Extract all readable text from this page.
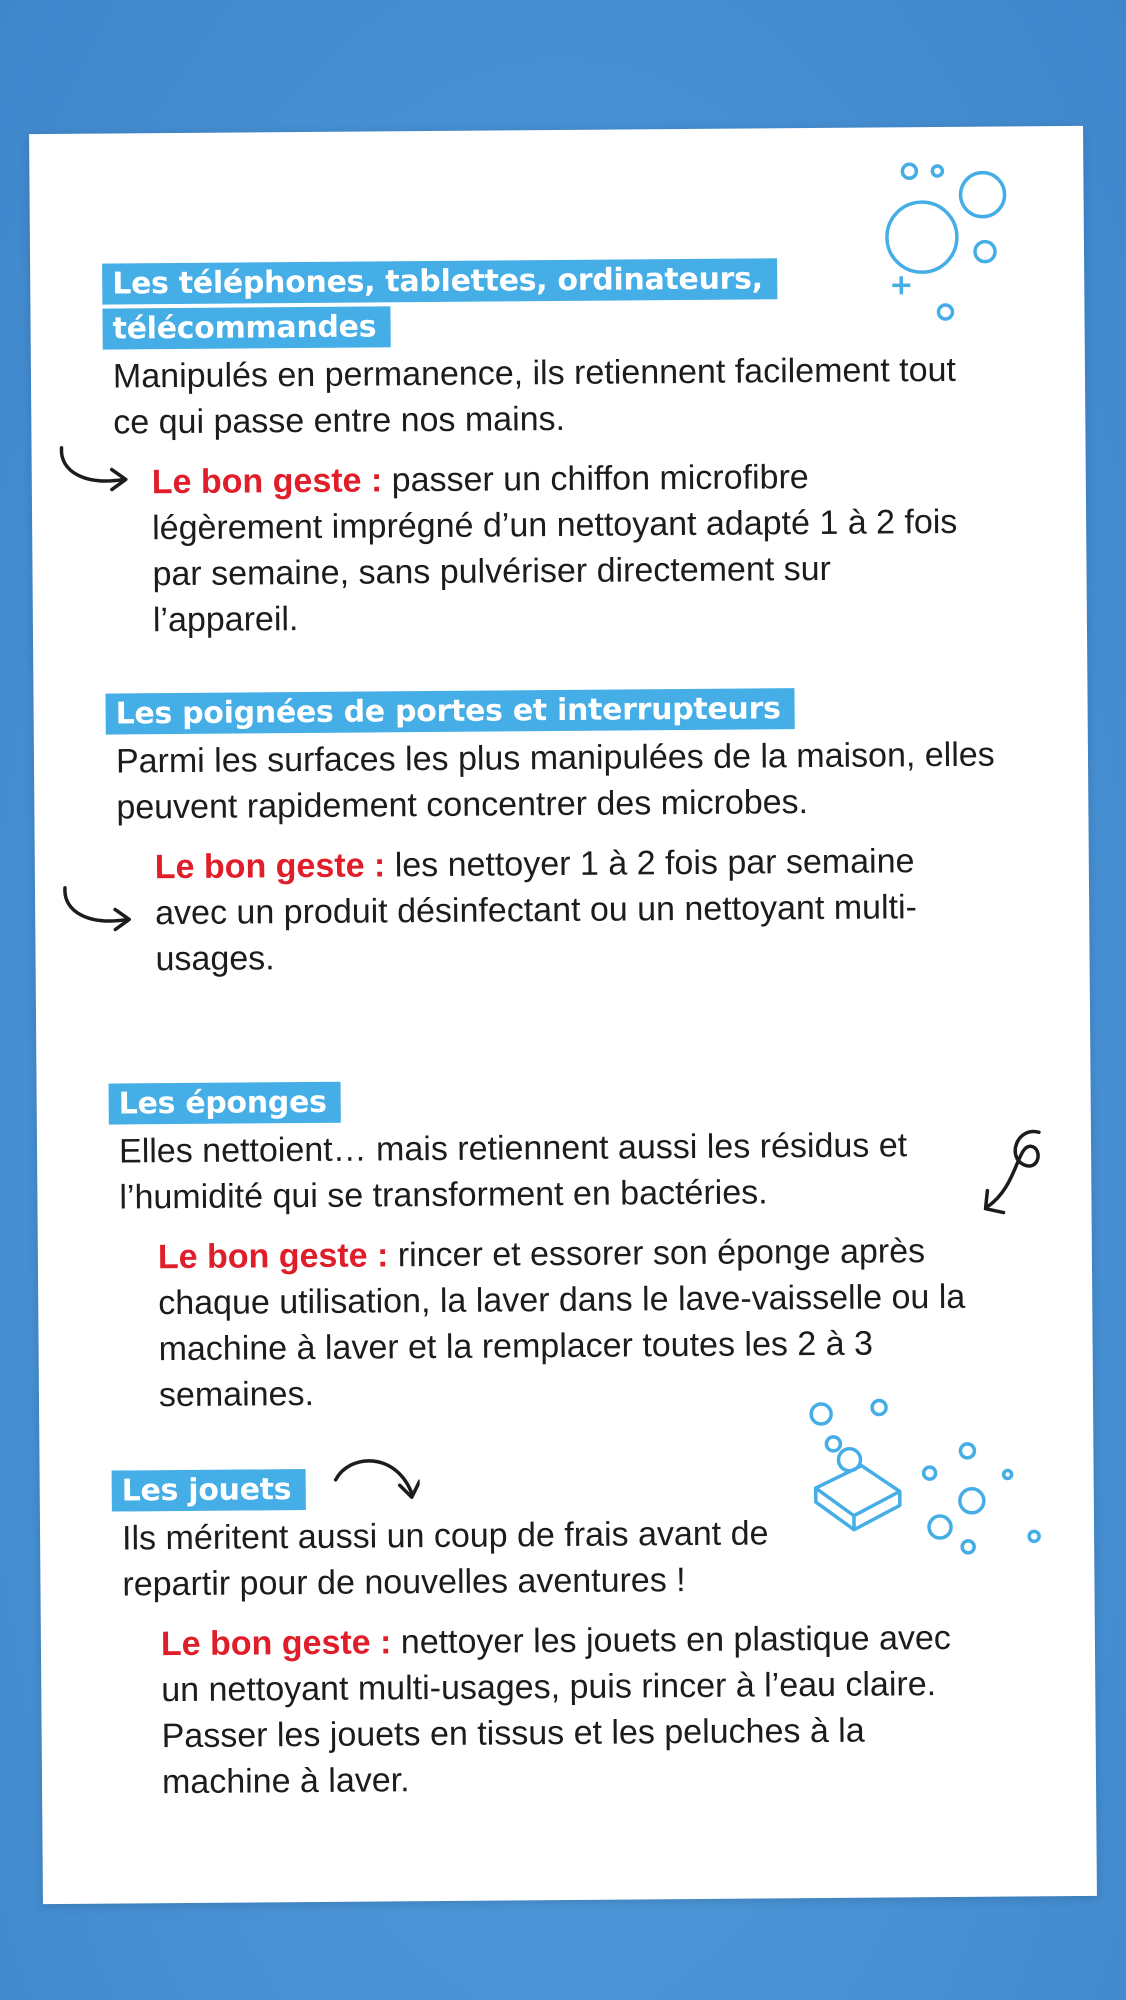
Les téléphones, tablettes, ordinateurs, télécommandes

Manipulés en permanence, ils retiennent facilement tout ce qui passe entre nos mains.

Le bon geste : passer un chiffon microfibre légèrement imprégné d’un nettoyant adapté 1 à 2 fois par semaine, sans pulvériser directement sur l’appareil.

Les poignées de portes et interrupteurs

Parmi les surfaces les plus manipulées de la maison, elles peuvent rapidement concentrer des microbes.

Le bon geste : les nettoyer 1 à 2 fois par semaine avec un produit désinfectant ou un nettoyant multi-usages.

Les éponges

Elles nettoient… mais retiennent aussi les résidus et l’humidité qui se transforment en bactéries.

Le bon geste : rincer et essorer son éponge après chaque utilisation, la laver dans le lave-vaisselle ou la machine à laver et la remplacer toutes les 2 à 3 semaines.

Les jouets

Ils méritent aussi un coup de frais avant de repartir pour de nouvelles aventures !

Le bon geste : nettoyer les jouets en plastique avec un nettoyant multi-usages, puis rincer à l’eau claire. Passer les jouets en tissus et les peluches à la machine à laver.
